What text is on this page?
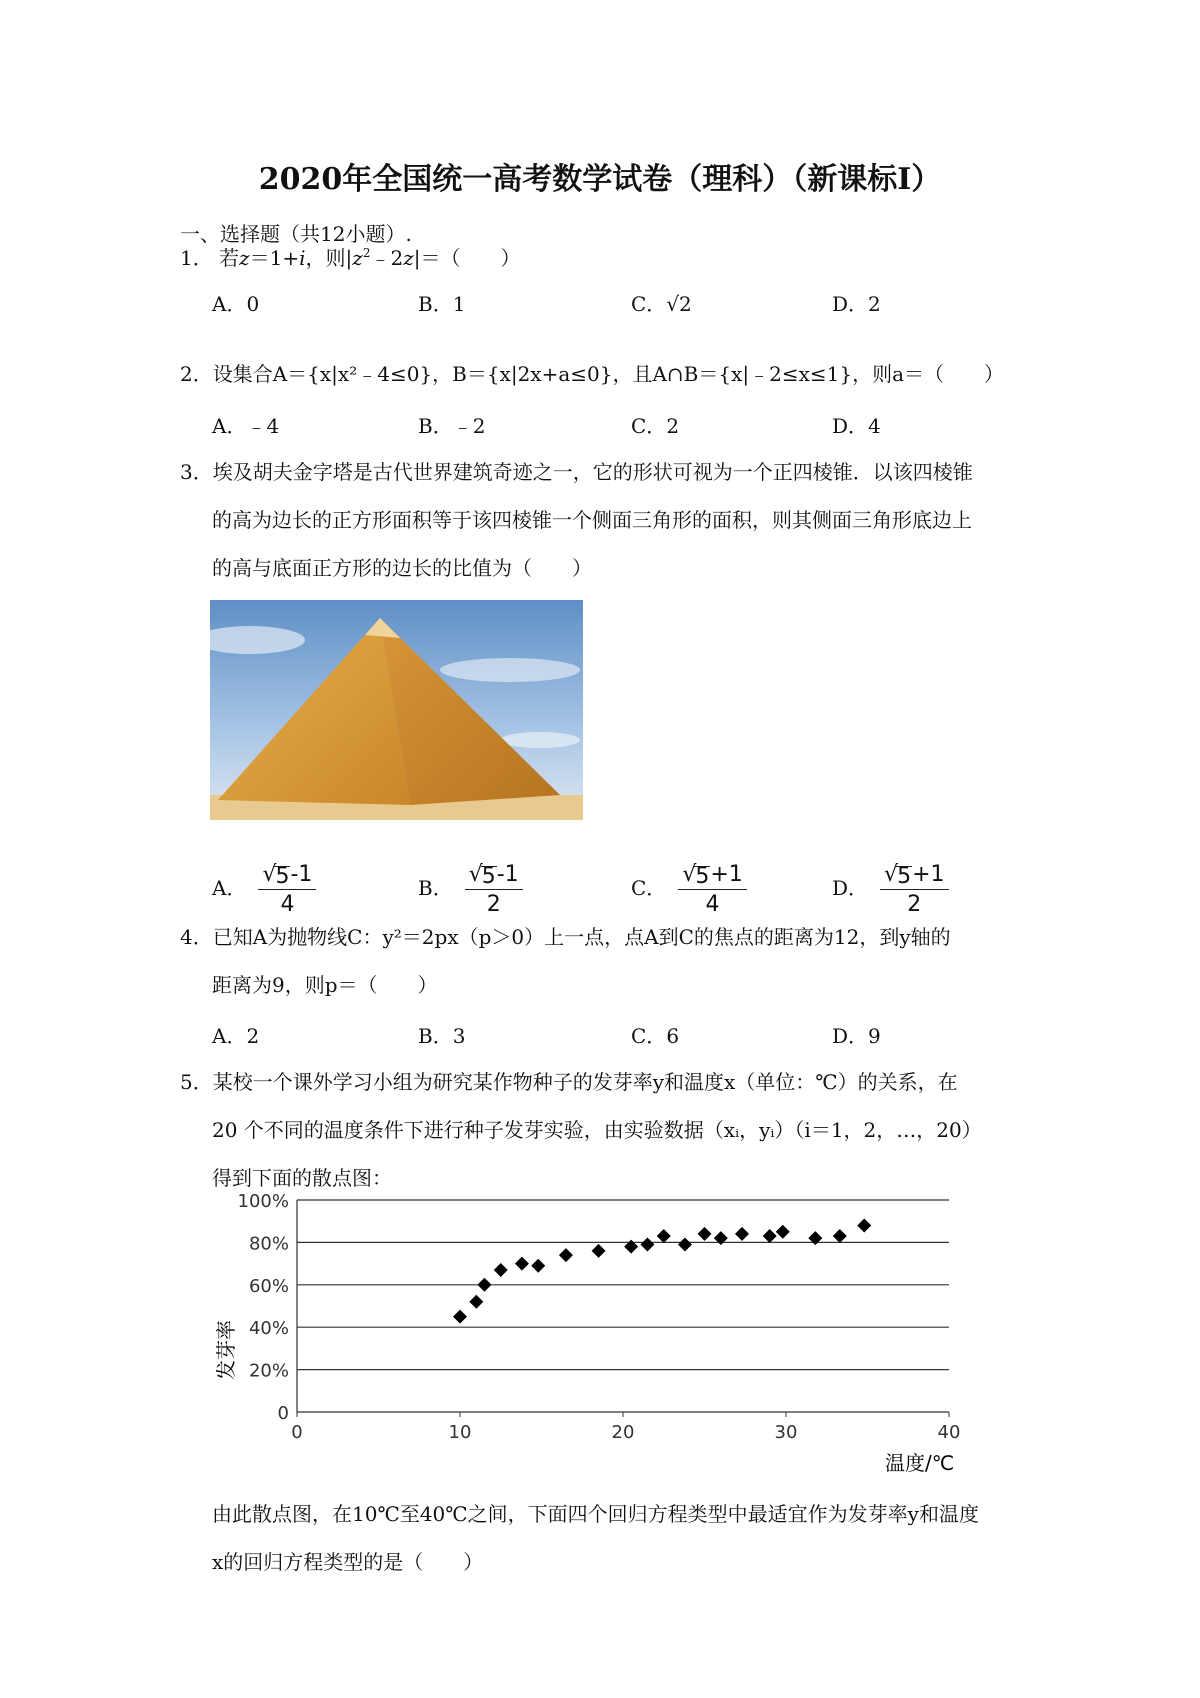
2020年全国统一高考数学试卷（理科）（新课标Ⅰ）
一、选择题（共12小题）.
1． 若z＝1+i，则$|z^2﹣2z|=$（　　）
A．0	B．1	C．√2	D．2
2．设集合A＝{x|x²﹣4≤0}，B＝{x|2x+a≤0}，且A∩B＝{x|﹣2≤x≤1}，则a＝（　　）
A．﹣4	B．﹣2	C．2	D．4
3．埃及胡夫金字塔是古代世界建筑奇迹之一，它的形状可视为一个正四棱锥．以该四棱锥
的高为边长的正方形面积等于该四棱锥一个侧面三角形的面积，则其侧面三角形底边上
的高与底面正方形的边长的比值为（　　）
A． $\frac{√ 5 -1}{4}$	B． $\frac{√ 5 -1}{2}$	C． $\frac{√ 5 +1}{4}$	D． $\frac{√ 5 +1}{2}$
4．已知A为抛物线C：y²＝2px（p＞0）上一点，点A到C的焦点的距离为12，到y轴的
距离为9，则p＝（　　）
A．2	B．3	C．6	D．9
5．某校一个课外学习小组为研究某作物种子的发芽率y和温度x（单位：℃）的关系，在
20 个不同的温度条件下进行种子发芽实验，由实验数据（xᵢ，yᵢ）（i＝1，2，…，20）
得到下面的散点图：
0
20%
40%
60%
80%
100%
0	10	20	30	40
温度/℃
发芽率
由此散点图，在10℃至40℃之间，下面四个回归方程类型中最适宜作为发芽率y和温度
x的回归方程类型的是（　　）
